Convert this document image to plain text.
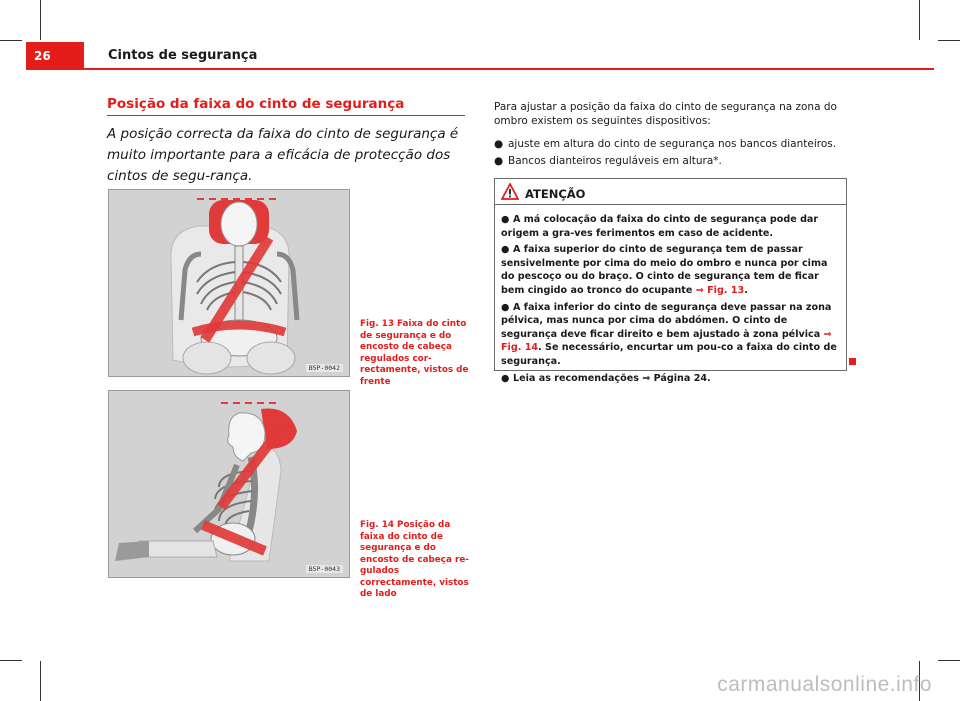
26	Cintos de segurança
Posição da faixa do cinto de segurança
A posição correcta da faixa do cinto de segurança é muito importante para a eficácia de protecção dos cintos de segu-rança.
B5P-0042
Fig. 13 Faixa do cinto de segurança e do encosto de cabeça regulados cor-rectamente, vistos de frente
B5P-0043
Fig. 14 Posição da faixa do cinto de segurança e do encosto de cabeça re-gulados correctamente, vistos de lado
Para ajustar a posição da faixa do cinto de segurança na zona do ombro existem os seguintes dispositivos:
● ajuste em altura do cinto de segurança nos bancos dianteiros.
● Bancos dianteiros reguláveis em altura*.
ATENÇÃO
● A má colocação da faixa do cinto de segurança pode dar origem a gra-ves ferimentos em caso de acidente.
● A faixa superior do cinto de segurança tem de passar sensivelmente por cima do meio do ombro e nunca por cima do pescoço ou do braço. O cinto de segurança tem de ficar bem cingido ao tronco do ocupante ⇒ Fig. 13.
● A faixa inferior do cinto de segurança deve passar na zona pélvica, mas nunca por cima do abdómen. O cinto de segurança deve ficar direito e bem ajustado à zona pélvica ⇒ Fig. 14. Se necessário, encurtar um pou-co a faixa do cinto de segurança.
● Leia as recomendações ⇒ Página 24.
carmanualsonline.info
